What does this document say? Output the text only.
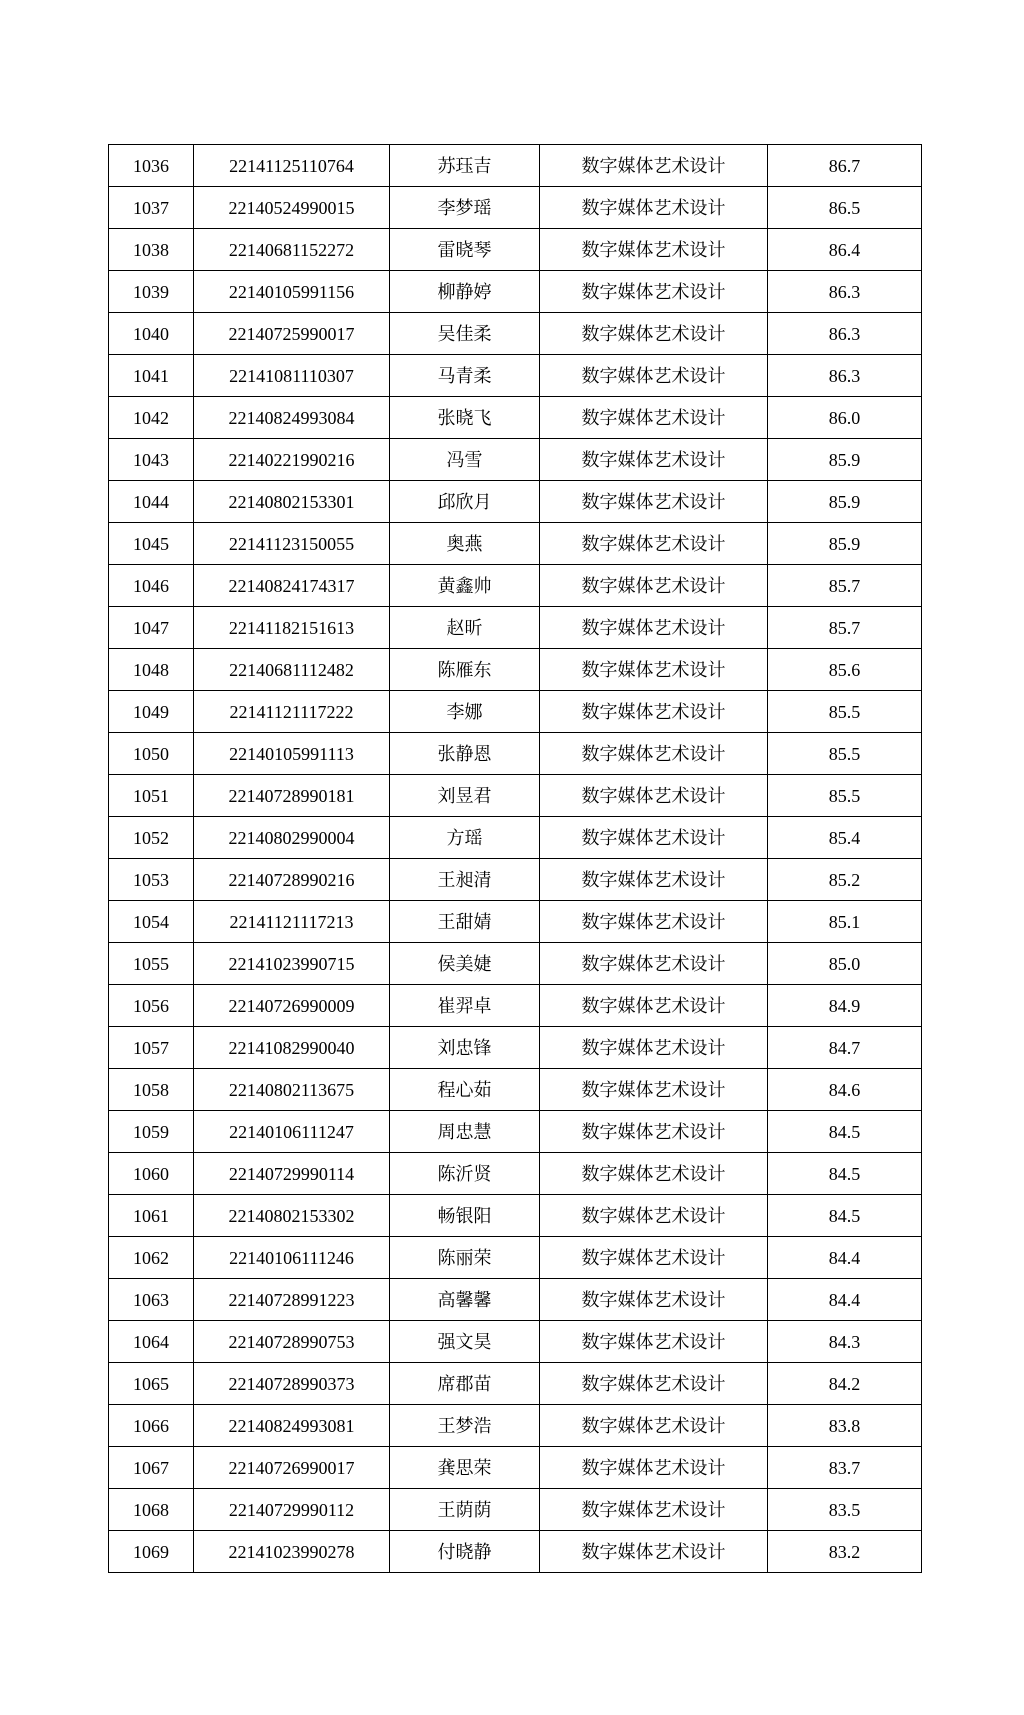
1036	22141125110764	苏珏吉	数字媒体艺术设计	86.7
1037	22140524990015	李梦瑶	数字媒体艺术设计	86.5
1038	22140681152272	雷晓琴	数字媒体艺术设计	86.4
1039	22140105991156	柳静婷	数字媒体艺术设计	86.3
1040	22140725990017	吴佳柔	数字媒体艺术设计	86.3
1041	22141081110307	马青柔	数字媒体艺术设计	86.3
1042	22140824993084	张晓飞	数字媒体艺术设计	86.0
1043	22140221990216	冯雪	数字媒体艺术设计	85.9
1044	22140802153301	邱欣月	数字媒体艺术设计	85.9
1045	22141123150055	奥燕	数字媒体艺术设计	85.9
1046	22140824174317	黄鑫帅	数字媒体艺术设计	85.7
1047	22141182151613	赵昕	数字媒体艺术设计	85.7
1048	22140681112482	陈雁东	数字媒体艺术设计	85.6
1049	22141121117222	李娜	数字媒体艺术设计	85.5
1050	22140105991113	张静恩	数字媒体艺术设计	85.5
1051	22140728990181	刘昱君	数字媒体艺术设计	85.5
1052	22140802990004	方瑶	数字媒体艺术设计	85.4
1053	22140728990216	王昶清	数字媒体艺术设计	85.2
1054	22141121117213	王甜婧	数字媒体艺术设计	85.1
1055	22141023990715	侯美婕	数字媒体艺术设计	85.0
1056	22140726990009	崔羿卓	数字媒体艺术设计	84.9
1057	22141082990040	刘忠锋	数字媒体艺术设计	84.7
1058	22140802113675	程心茹	数字媒体艺术设计	84.6
1059	22140106111247	周忠慧	数字媒体艺术设计	84.5
1060	22140729990114	陈沂贤	数字媒体艺术设计	84.5
1061	22140802153302	畅银阳	数字媒体艺术设计	84.5
1062	22140106111246	陈丽荣	数字媒体艺术设计	84.4
1063	22140728991223	高馨馨	数字媒体艺术设计	84.4
1064	22140728990753	强文昊	数字媒体艺术设计	84.3
1065	22140728990373	席郡苗	数字媒体艺术设计	84.2
1066	22140824993081	王梦浩	数字媒体艺术设计	83.8
1067	22140726990017	龚思荣	数字媒体艺术设计	83.7
1068	22140729990112	王荫荫	数字媒体艺术设计	83.5
1069	22141023990278	付晓静	数字媒体艺术设计	83.2
